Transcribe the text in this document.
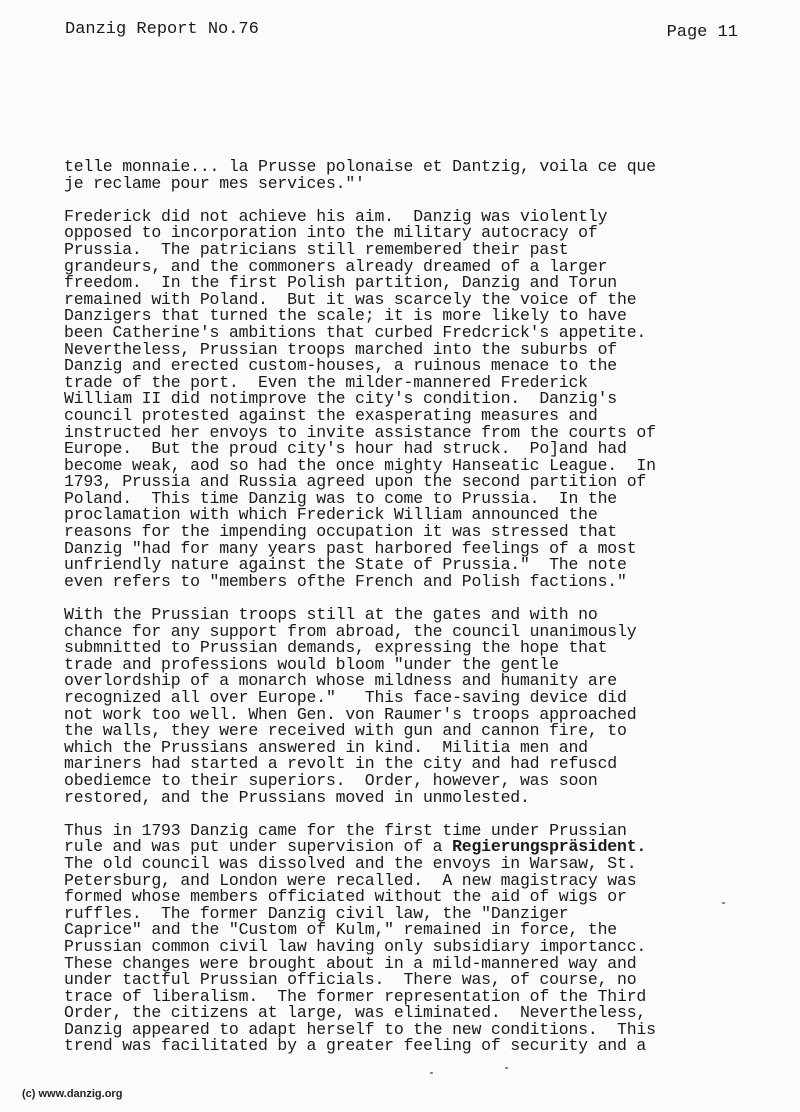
Danzig Report No.76	Page 11
telle monnaie... la Prusse polonaise et Dantzig, voila ce que
je reclame pour mes services."'
Frederick did not achieve his aim.  Danzig was violently
opposed to incorporation into the military autocracy of
Prussia.  The patricians still remembered their past
grandeurs, and the commoners already dreamed of a larger
freedom.  In the first Polish partition, Danzig and Torun
remained with Poland.  But it was scarcely the voice of the
Danzigers that turned the scale; it is more likely to have
been Catherine's ambitions that curbed Fredcrick's appetite.
Nevertheless, Prussian troops marched into the suburbs of
Danzig and erected custom-houses, a ruinous menace to the
trade of the port.  Even the milder-mannered Frederick
William II did notimprove the city's condition.  Danzig's
council protested against the exasperating measures and
instructed her envoys to invite assistance from the courts of
Europe.  But the proud city's hour had struck.  Po]and had
become weak, aod so had the once mighty Hanseatic League.  In
1793, Prussia and Russia agreed upon the second partition of
Poland.  This time Danzig was to come to Prussia.  In the
proclamation with which Frederick William announced the
reasons for the impending occupation it was stressed that
Danzig "had for many years past harbored feelings of a most
unfriendly nature against the State of Prussia."  The note
even refers to "members ofthe French and Polish factions."
With the Prussian troops still at the gates and with no
chance for any support from abroad, the council unanimously
submnitted to Prussian demands, expressing the hope that
trade and professions would bloom "under the gentle
overlordship of a monarch whose mildness and humanity are
recognized all over Europe."   This face-saving device did
not work too well. When Gen. von Raumer's troops approached
the walls, they were received with gun and cannon fire, to
which the Prussians answered in kind.  Militia men and
mariners had started a revolt in the city and had refuscd
obediemce to their superiors.  Order, however, was soon
restored, and the Prussians moved in unmolested.
Thus in 1793 Danzig came for the first time under Prussian
rule and was put under supervision of a Regierungspräsident.
The old council was dissolved and the envoys in Warsaw, St.
Petersburg, and London were recalled.  A new magistracy was
formed whose members officiated without the aid of wigs or
ruffles.  The former Danzig civil law, the "Danziger
Caprice" and the "Custom of Kulm," remained in force, the
Prussian common civil law having only subsidiary importancc.
These changes were brought about in a mild-mannered way and
under tactful Prussian officials.  There was, of course, no
trace of liberalism.  The former representation of the Third
Order, the citizens at large, was eliminated.  Nevertheless,
Danzig appeared to adapt herself to the new conditions.  This
trend was facilitated by a greater feeling of security and a
(c) www.danzig.org
